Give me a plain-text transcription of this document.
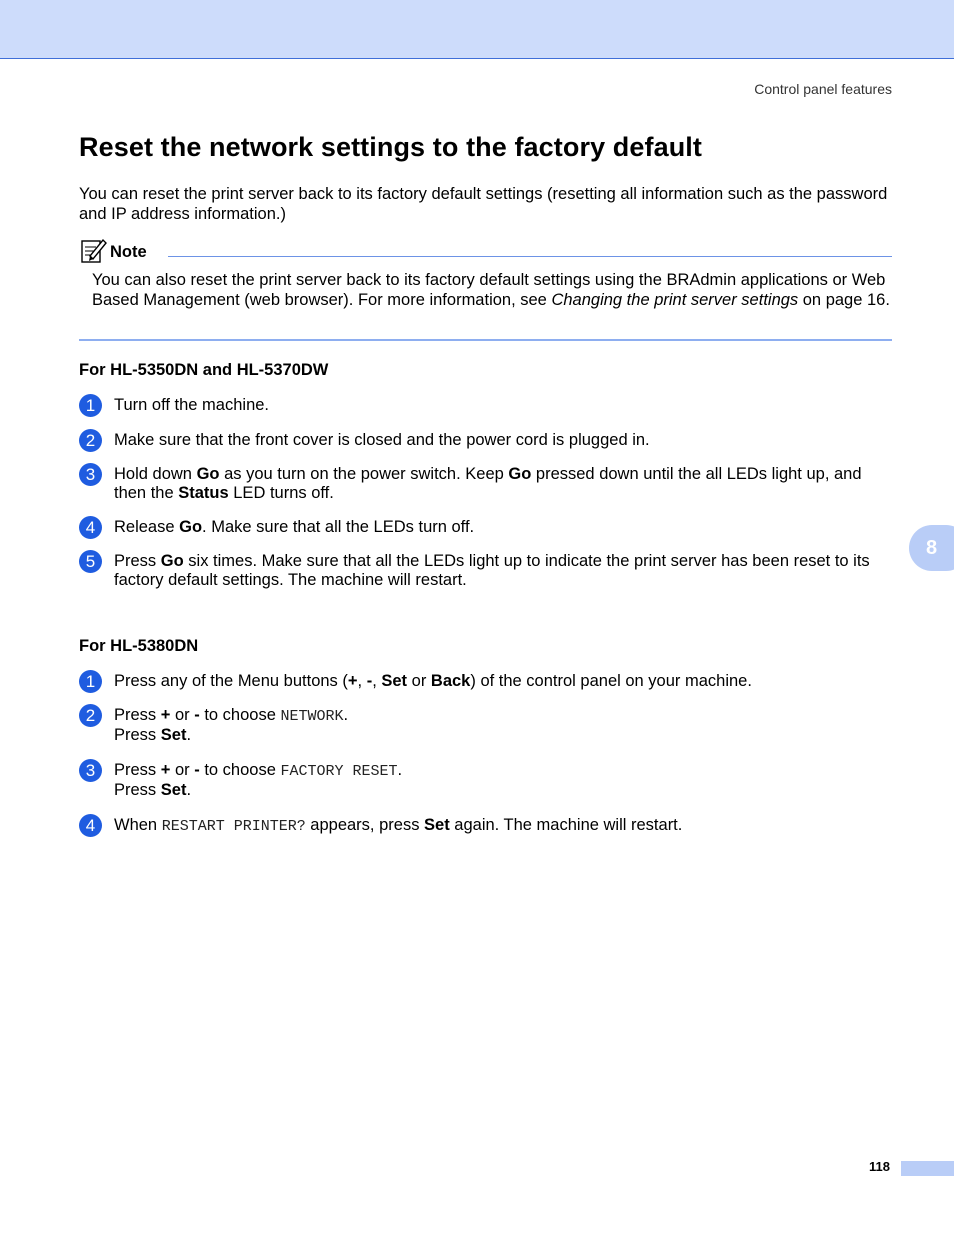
Control panel features
Reset the network settings to the factory default
You can reset the print server back to its factory default settings (resetting all information such as the password and IP address information.)
Note
You can also reset the print server back to its factory default settings using the BRAdmin applications or Web Based Management (web browser). For more information, see Changing the print server settings on page 16.
For HL-5350DN and HL-5370DW
1	Turn off the machine.
2	Make sure that the front cover is closed and the power cord is plugged in.
3	Hold down Go as you turn on the power switch. Keep Go pressed down until the all LEDs light up, and then the Status LED turns off.
4	Release Go. Make sure that all the LEDs turn off.
5	Press Go six times. Make sure that all the LEDs light up to indicate the print server has been reset to its factory default settings. The machine will restart.
For HL-5380DN
1	Press any of the Menu buttons (+, -, Set or Back) of the control panel on your machine.
2	Press + or - to choose NETWORK.
Press Set.
3	Press + or - to choose FACTORY RESET.
Press Set.
4	When RESTART PRINTER? appears, press Set again. The machine will restart.
8
118
